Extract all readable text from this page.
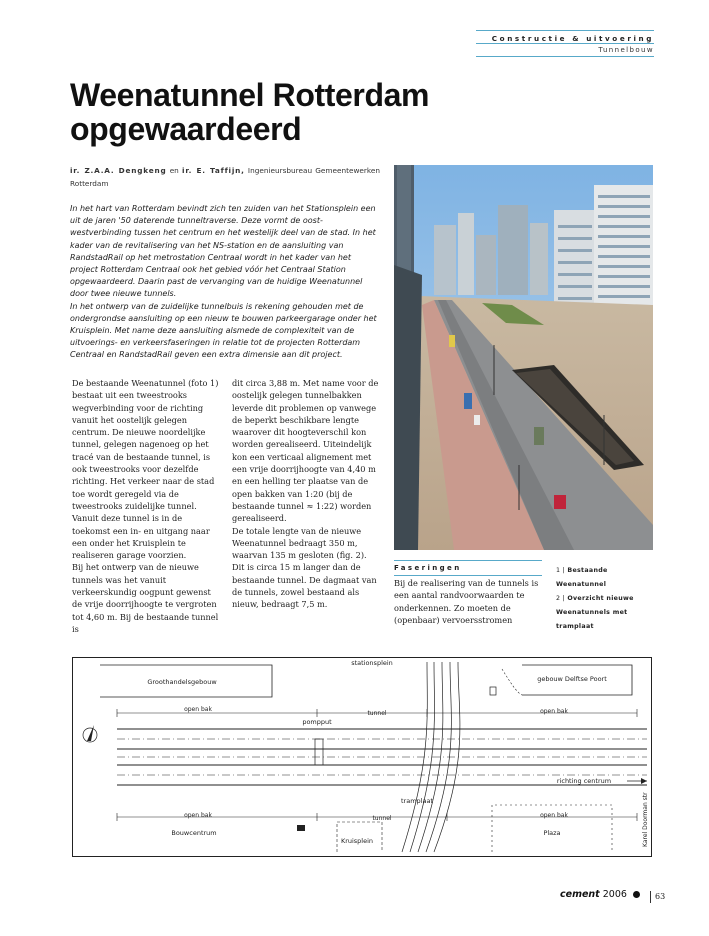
Constructie & uitvoering
Tunnelbouw
Weenatunnel Rotterdam
opgewaardeerd
ir. Z.A.A. Dengkeng en ir. E. Taffijn, Ingenieursbureau Gemeentewerken Rotterdam

In het hart van Rotterdam bevindt zich ten zuiden van het Stationsplein een uit de jaren '50 daterende tunneltraverse. Deze vormt de oost-westverbinding tussen het centrum en het westelijk deel van de stad. In het kader van de revitalisering van het NS-station en de aansluiting van RandstadRail op het metrostation Centraal wordt in het kader van het project Rotterdam Centraal ook het gebied vóór het Centraal Station opgewaardeerd. Daarin past de vervanging van de huidige Weenatunnel door twee nieuwe tunnels.

In het ontwerp van de zuidelijke tunnelbuis is rekening gehouden met de ondergrondse aansluiting op een nieuw te bouwen parkeergarage onder het Kruisplein. Met name deze aansluiting alsmede de complexiteit van de uitvoerings- en verkeersfaseringen in relatie tot de projecten Rotterdam Centraal en RandstadRail geven een extra dimensie aan dit project.

De bestaande Weenatunnel (foto 1) bestaat uit een tweestrooks wegverbinding voor de richting vanuit het oostelijk gelegen centrum. De nieuwe noordelijke tunnel, gelegen nagenoeg op het tracé van de bestaande tunnel, is ook tweestrooks voor dezelfde richting. Het verkeer naar de stad toe wordt geregeld via de tweestrooks zuidelijke tunnel. Vanuit deze tunnel is in de toekomst een in- en uitgang naar een onder het Kruisplein te realiseren garage voorzien.

Bij het ontwerp van de nieuwe tunnels was het vanuit verkeerskundig oogpunt gewenst de vrije doorrijhoogte te vergroten tot 4,60 m. Bij de bestaande tunnel is

dit circa 3,88 m. Met name voor de oostelijk gelegen tunnelbakken leverde dit problemen op vanwege de beperkt beschikbare lengte waarover dit hoogteverschil kon worden gerealiseerd. Uiteindelijk kon een verticaal alignement met een vrije doorrijhoogte van 4,40 m en een helling ter plaatse van de open bakken van 1:20 (bij de bestaande tunnel ≈ 1:22) worden gerealiseerd.

De totale lengte van de nieuwe Weenatunnel bedraagt 350 m, waarvan 135 m gesloten (fig. 2). Dit is circa 15 m langer dan de bestaande tunnel. De dagmaat van de tunnels, zowel bestaand als nieuw, bedraagt 7,5 m.

Faseringen

Bij de realisering van de tunnels is een aantal randvoorwaarden te onderkennen. Zo moeten de (openbaar) vervoersstromen

1 | Bestaande Weenatunnel
2 | Overzicht nieuwe Weenatunnels met tramplaat
stationsplein
Groothandelsgebouw	gebouw Delftse Poort
open bak
tunnel	open bak
pompput
richting centrum
tramplaat
open bak	tunnel	open bak
Bouwcentrum
Kruisplein
Plaza	Karel Doorman str
cement 2006	63
